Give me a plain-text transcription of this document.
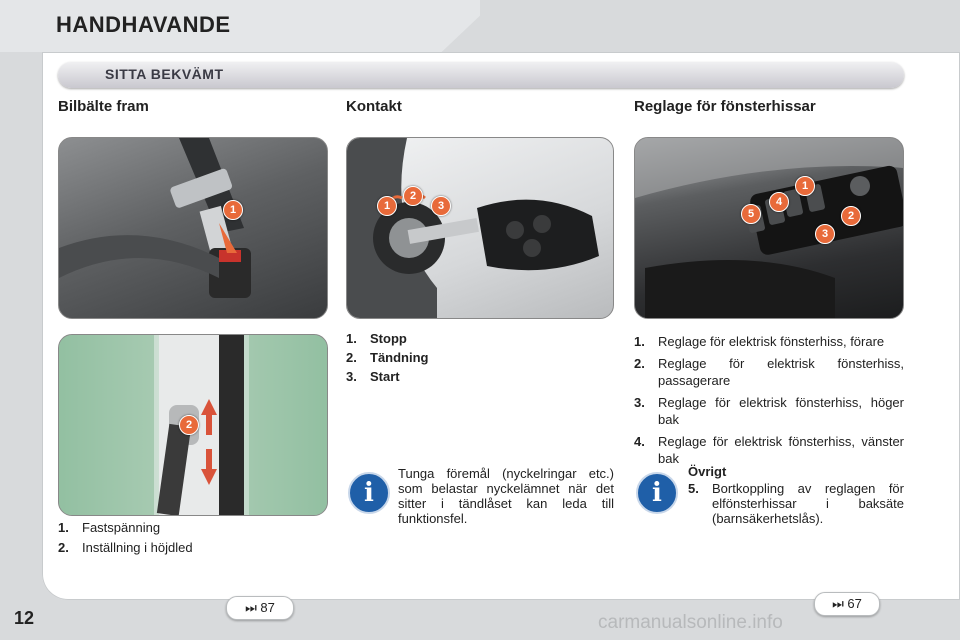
HANDHAVANDE
SITTA BEKVÄMT
Bilbälte fram
1
2
1.	Fastspänning
2.	Inställning i höjdled
Kontakt
1
2
3
1.	Stopp
2.	Tändning
3.	Start
i
Tunga föremål (nyckelringar etc.) som belastar nyckelämnet när det sitter i tändlåset kan leda till funktionsfel.
Reglage för fönsterhissar
1
2
3
4
5
1.	Reglage för elektrisk fönsterhiss, förare
2.	Reglage för elektrisk fönsterhiss, passagerare
3.	Reglage för elektrisk fönsterhiss, höger bak
4.	Reglage för elektrisk fönsterhiss, vänster bak
i
Övrigt
5.	Bortkoppling av reglagen för elfönsterhissar i baksäte (barnsäkerhetslås).
⏭ 87	⏭ 67
12	carmanualsonline.info
